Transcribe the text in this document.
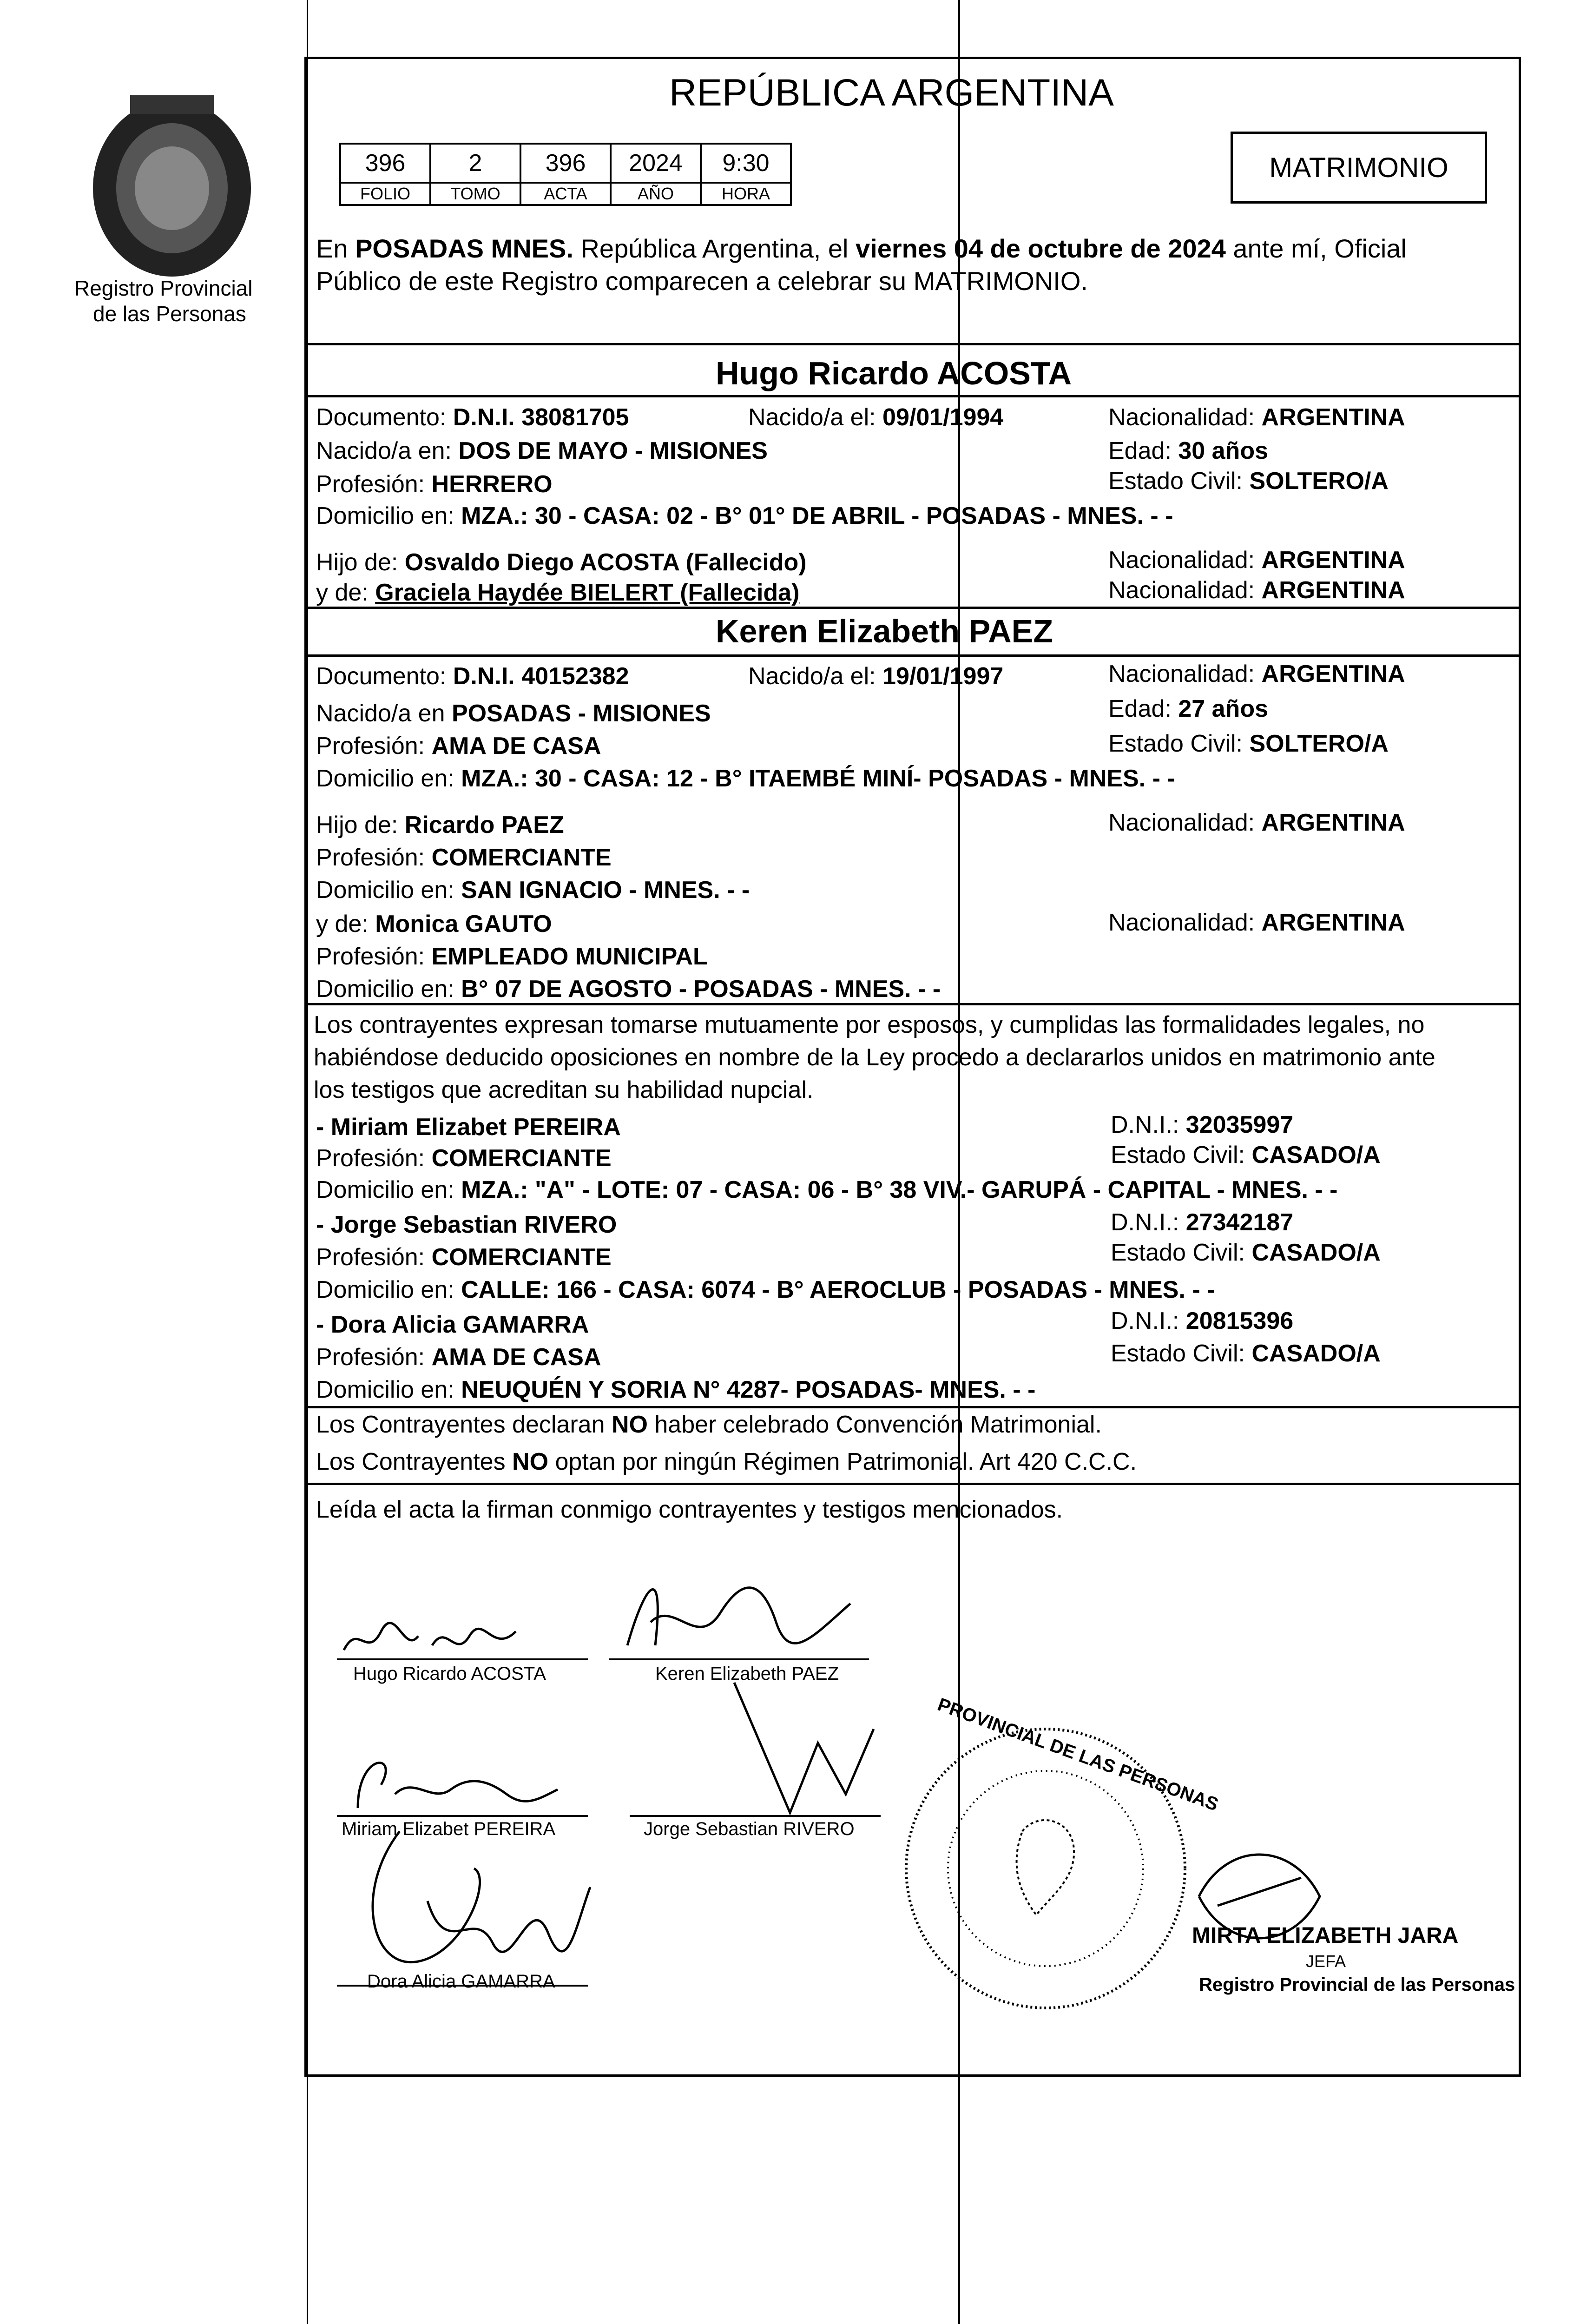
Registro Provincial
de las Personas
REPÚBLICA ARGENTINA
396	2	396	2024	9:30
FOLIO	TOMO	ACTA	AÑO	HORA
MATRIMONIO
En POSADAS MNES. República Argentina, el viernes 04 de octubre de 2024 ante mí, Oficial
Público de este Registro comparecen a celebrar su MATRIMONIO.
Hugo Ricardo ACOSTA
Documento: D.N.I. 38081705	Nacido/a el: 09/01/1994	Nacionalidad: ARGENTINA
Nacido/a en: DOS DE MAYO - MISIONES	Edad: 30 años
Profesión: HERRERO	Estado Civil: SOLTERO/A
Domicilio en: MZA.: 30 - CASA: 02 - B° 01° DE ABRIL - POSADAS - MNES. - -
Hijo de: Osvaldo Diego ACOSTA (Fallecido)	Nacionalidad: ARGENTINA
y de: Graciela Haydée BIELERT (Fallecida)	Nacionalidad: ARGENTINA
Keren Elizabeth PAEZ
Documento: D.N.I. 40152382	Nacido/a el: 19/01/1997	Nacionalidad: ARGENTINA
Nacido/a en POSADAS - MISIONES	Edad: 27 años
Profesión: AMA DE CASA	Estado Civil: SOLTERO/A
Domicilio en: MZA.: 30 - CASA: 12 - B° ITAEMBÉ MINÍ- POSADAS - MNES. - -
Hijo de: Ricardo PAEZ	Nacionalidad: ARGENTINA
Profesión: COMERCIANTE
Domicilio en: SAN IGNACIO - MNES. - -
y de: Monica GAUTO	Nacionalidad: ARGENTINA
Profesión: EMPLEADO MUNICIPAL
Domicilio en: B° 07 DE AGOSTO - POSADAS - MNES. - -
Los contrayentes expresan tomarse mutuamente por esposos, y cumplidas las formalidades legales, no
habiéndose deducido oposiciones en nombre de la Ley procedo a declararlos unidos en matrimonio ante
los testigos que acreditan su habilidad nupcial.
- Miriam Elizabet PEREIRA	D.N.I.: 32035997
Profesión: COMERCIANTE	Estado Civil: CASADO/A
Domicilio en: MZA.: "A" - LOTE: 07 - CASA: 06 - B° 38 VIV.- GARUPÁ - CAPITAL - MNES. - -
- Jorge Sebastian RIVERO	D.N.I.: 27342187
Profesión: COMERCIANTE	Estado Civil: CASADO/A
Domicilio en: CALLE: 166 - CASA: 6074 - B° AEROCLUB - POSADAS - MNES. - -
- Dora Alicia GAMARRA	D.N.I.: 20815396
Profesión: AMA DE CASA	Estado Civil: CASADO/A
Domicilio en: NEUQUÉN Y SORIA N° 4287- POSADAS- MNES. - -
Los Contrayentes declaran NO haber celebrado Convención Matrimonial.
Los Contrayentes NO optan por ningún Régimen Patrimonial. Art 420 C.C.C.
Leída el acta la firman conmigo contrayentes y testigos mencionados.
Hugo Ricardo ACOSTA	Keren Elizabeth PAEZ
Miriam Elizabet PEREIRA	Jorge Sebastian RIVERO
Dora Alicia GAMARRA
PROVINCIAL DE LAS PERSONAS
MIRTA ELIZABETH JARA
JEFA
Registro Provincial de las Personas
